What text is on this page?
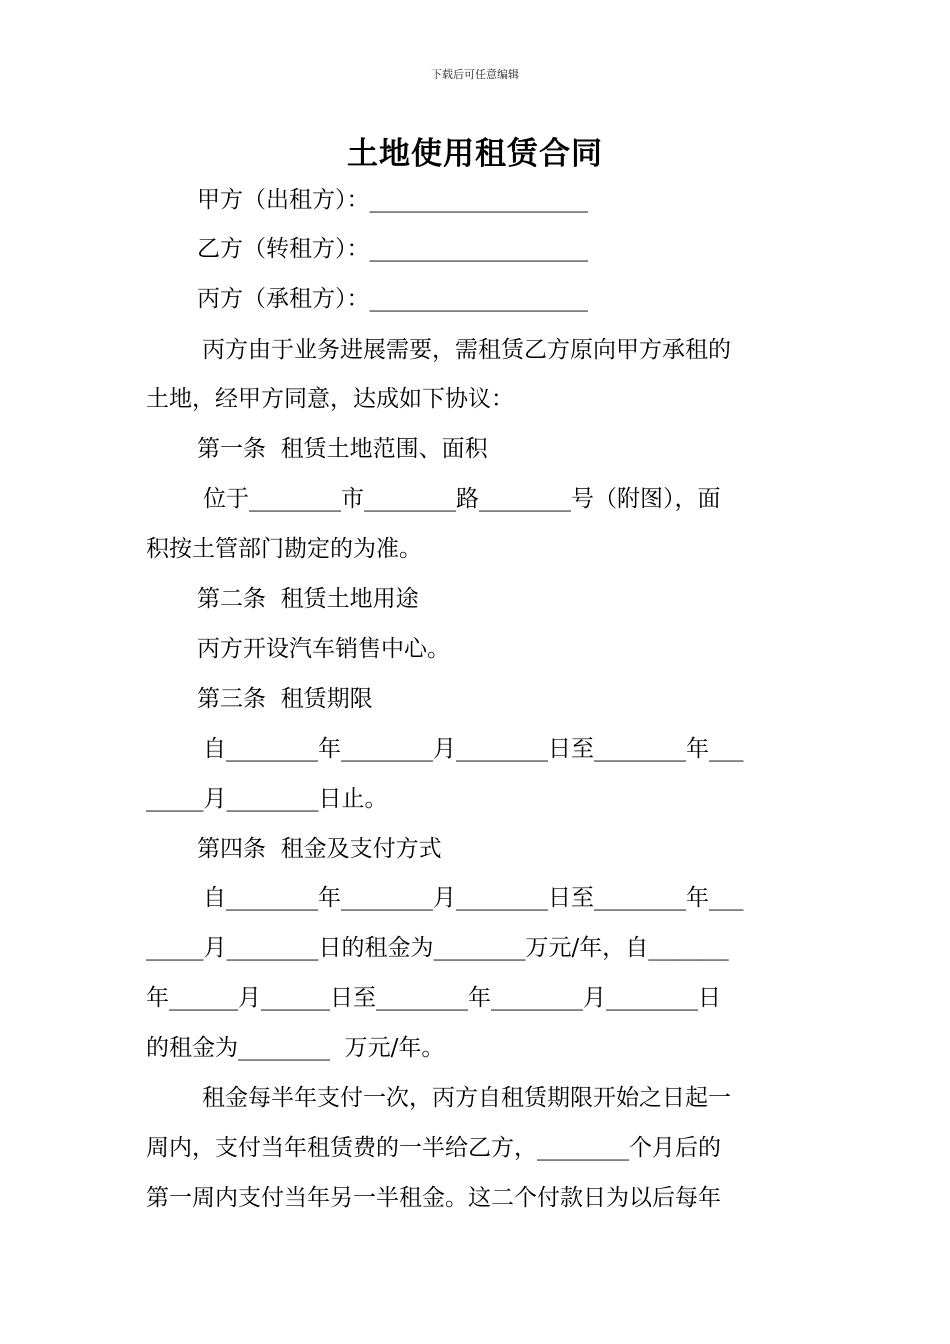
下载后可任意编辑
土地使用租赁合同
甲方（出租方）：___________________
乙方（转租方）：___________________
丙方（承租方）：___________________
丙方由于业务进展需要，需租赁乙方原向甲方承租的
土地，经甲方同意，达成如下协议：
第一条  租赁土地范围、面积
位于________市________路________号（附图），面
积按土管部门勘定的为准。
第二条  租赁土地用途
丙方开设汽车销售中心。
第三条  租赁期限
自________年________月________日至________年___
_____月________日止。
第四条  租金及支付方式
自________年________月________日至________年___
_____月________日的租金为________万元/年，自_______
年______月______日至________年________月________日
的租金为________  万元/年。
租金每半年支付一次，丙方自租赁期限开始之日起一
周内，支付当年租赁费的一半给乙方，________个月后的
第一周内支付当年另一半租金。这二个付款日为以后每年
